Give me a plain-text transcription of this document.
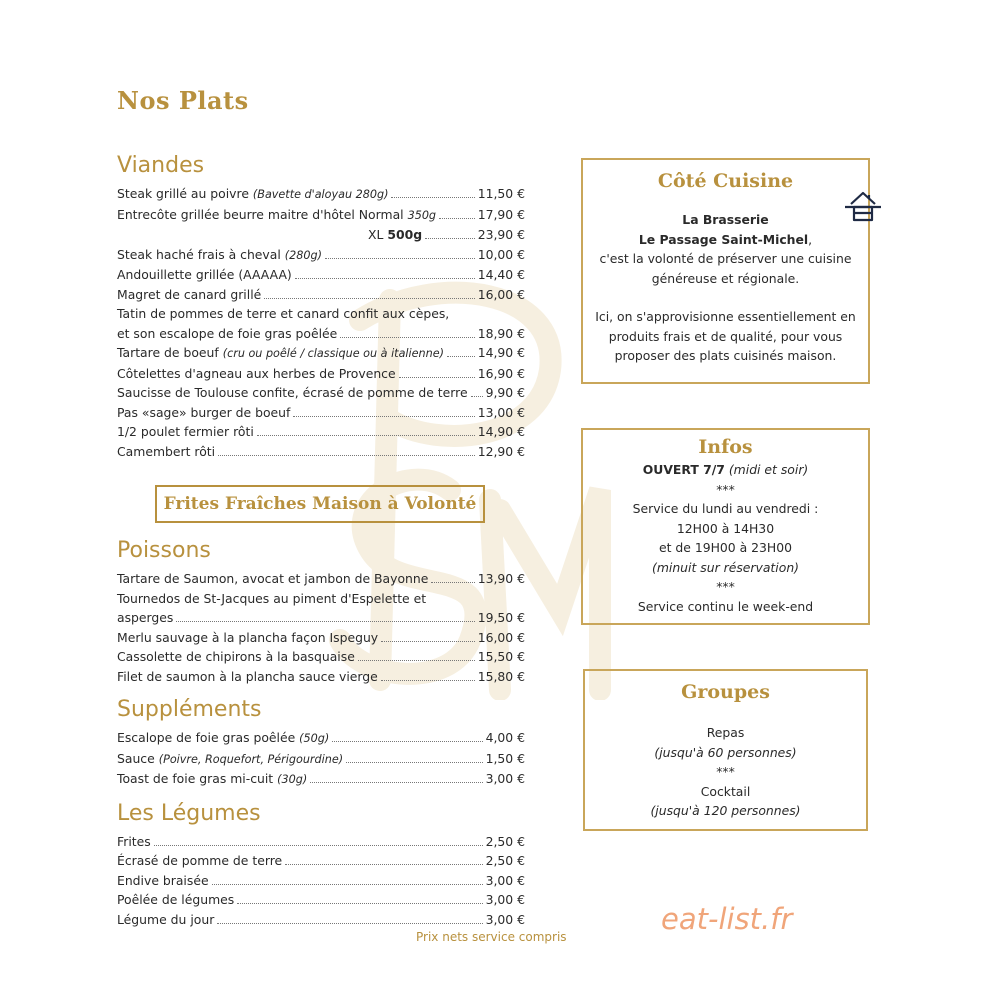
Nos Plats
Viandes
Steak grillé au poivre (Bavette d'aloyau 280g)	11,50 €
Entrecôte grillée beurre maitre d'hôtel Normal 350g	17,90 €
XL 500g	23,90 €
Steak haché frais à cheval (280g)	10,00 €
Andouillette grillée (AAAAA)	14,40 €
Magret de canard grillé	16,00 €
Tatin de pommes de terre et canard confit aux cèpes,
et son escalope de foie gras poêlée	18,90 €
Tartare de boeuf (cru ou poêlé / classique ou à italienne)	14,90 €
Côtelettes d'agneau aux herbes de Provence	16,90 €
Saucisse de Toulouse confite, écrasé de pomme de terre 9,90 €
Pas «sage» burger de boeuf	13,00 €
1/2 poulet fermier rôti	14,90 €
Camembert rôti	12,90 €
Frites Fraîches Maison à Volonté
Poissons
Tartare de Saumon, avocat et jambon de Bayonne	13,90 €
Tournedos de St-Jacques au piment d'Espelette et
asperges	19,50 €
Merlu sauvage à la plancha façon Ispeguy	16,00 €
Cassolette de chipirons à la basquaise	15,50 €
Filet de saumon à la plancha sauce vierge	15,80 €
Suppléments
Escalope de foie gras poêlée (50g)	4,00 €
Sauce (Poivre, Roquefort, Périgourdine)	1,50 €
Toast de foie gras mi-cuit (30g)	3,00 €
Les Légumes
Frites	2,50 €
Écrasé de pomme de terre	2,50 €
Endive braisée	3,00 €
Poêlée de légumes	3,00 €
Légume du jour	3,00 €
Côté Cuisine
La Brasserie
Le Passage Saint-Michel,
c'est la volonté de préserver une cuisine
généreuse et régionale.
Ici, on s'approvisionne essentiellement en
produits frais et de qualité, pour vous
proposer des plats cuisinés maison.
Infos
OUVERT 7/7 (midi et soir)
***
Service du lundi au vendredi :
12H00 à 14H30
et de 19H00 à 23H00
(minuit sur réservation)
***
Service continu le week-end
Groupes
Repas
(jusqu'à 60 personnes)
***
Cocktail
(jusqu'à 120 personnes)
eat-list.fr
Prix nets service compris
